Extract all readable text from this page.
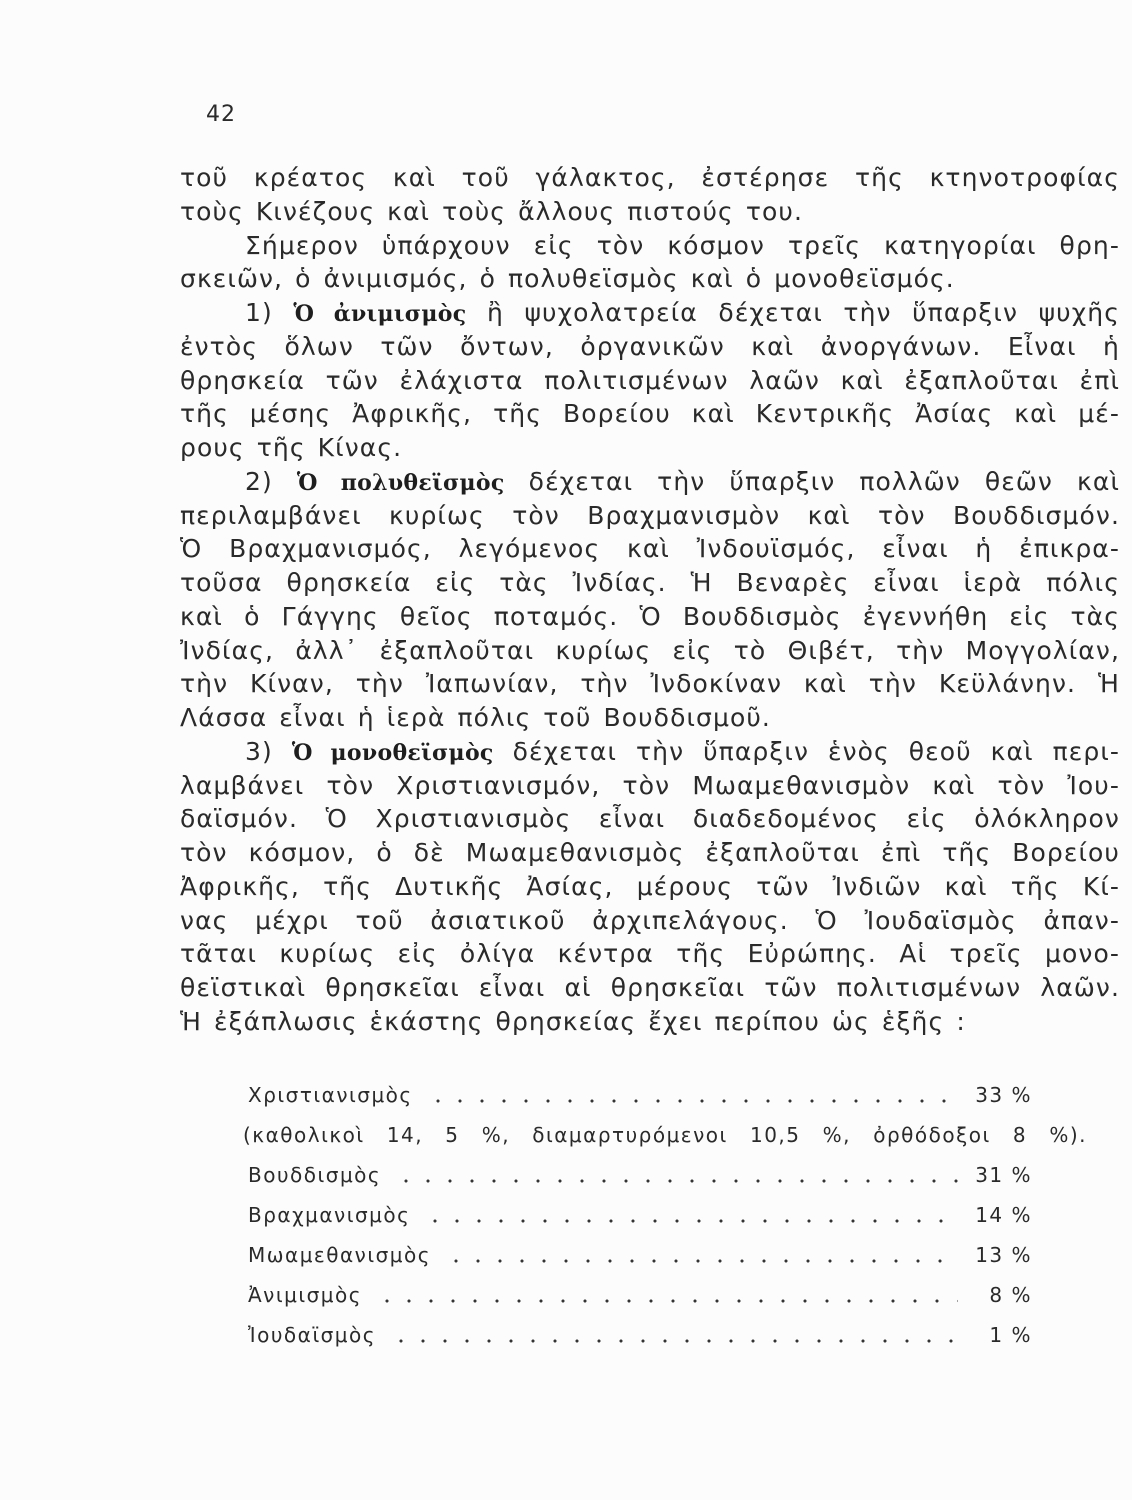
42
τοῦ κρέατος καὶ τοῦ γάλακτος, ἐστέρησε τῆς κτηνοτροφίας
τοὺς Κινέζους καὶ τοὺς ἄλλους πιστούς του.
Σήμερον ὑπάρχουν εἰς τὸν κόσμον τρεῖς κατηγορίαι θρη-
σκειῶν, ὁ ἀνιμισμός, ὁ πολυθεϊσμὸς καὶ ὁ μονοθεϊσμός.
1) Ὁ ἀνιμισμὸς ἢ ψυχολατρεία δέχεται τὴν ὕπαρξιν ψυχῆς
ἐντὸς ὅλων τῶν ὄντων, ὀργανικῶν καὶ ἀνοργάνων. Εἶναι ἡ
θρησκεία τῶν ἐλάχιστα πολιτισμένων λαῶν καὶ ἐξαπλοῦται ἐπὶ
τῆς μέσης Ἀφρικῆς, τῆς Βορείου καὶ Κεντρικῆς Ἀσίας καὶ μέ-
ρους τῆς Κίνας.
2) Ὁ πολυθεϊσμὸς δέχεται τὴν ὕπαρξιν πολλῶν θεῶν καὶ
περιλαμβάνει κυρίως τὸν Βραχμανισμὸν καὶ τὸν Βουδδισμόν.
Ὁ Βραχμανισμός, λεγόμενος καὶ Ἰνδουϊσμός, εἶναι ἡ ἐπικρα-
τοῦσα θρησκεία εἰς τὰς Ἰνδίας. Ἡ Βεναρὲς εἶναι ἱερὰ πόλις
καὶ ὁ Γάγγης θεῖος ποταμός. Ὁ Βουδδισμὸς ἐγεννήθη εἰς τὰς
Ἰνδίας, ἀλλ᾿ ἐξαπλοῦται κυρίως εἰς τὸ Θιβέτ, τὴν Μογγολίαν,
τὴν Κίναν, τὴν Ἰαπωνίαν, τὴν Ἰνδοκίναν καὶ τὴν Κεϋλάνην. Ἡ
Λάσσα εἶναι ἡ ἱερὰ πόλις τοῦ Βουδδισμοῦ.
3) Ὁ μονοθεϊσμὸς δέχεται τὴν ὕπαρξιν ἑνὸς θεοῦ καὶ περι-
λαμβάνει τὸν Χριστιανισμόν, τὸν Μωαμεθανισμὸν καὶ τὸν Ἰου-
δαϊσμόν. Ὁ Χριστιανισμὸς εἶναι διαδεδομένος εἰς ὁλόκληρον
τὸν κόσμον, ὁ δὲ Μωαμεθανισμὸς ἐξαπλοῦται ἐπὶ τῆς Βορείου
Ἀφρικῆς, τῆς Δυτικῆς Ἀσίας, μέρους τῶν Ἰνδιῶν καὶ τῆς Κί-
νας μέχρι τοῦ ἀσιατικοῦ ἀρχιπελάγους. Ὁ Ἰουδαϊσμὸς ἀπαν-
τᾶται κυρίως εἰς ὀλίγα κέντρα τῆς Εὐρώπης. Αἱ τρεῖς μονο-
θεϊστικαὶ θρησκεῖαι εἶναι αἱ θρησκεῖαι τῶν πολιτισμένων λαῶν.
Ἡ ἐξάπλωσις ἑκάστης θρησκείας ἔχει περίπου ὡς ἑξῆς :
Χριστιανισμὸς	33 %
(καθολικοὶ 14, 5 %, διαμαρτυρόμενοι 10,5 %, ὀρθόδοξοι 8 %).
Βουδδισμὸς	31 %
Βραχμανισμὸς	14 %
Μωαμεθανισμὸς	13 %
Ἀνιμισμὸς	8 %
Ἰουδαϊσμὸς	1 %
